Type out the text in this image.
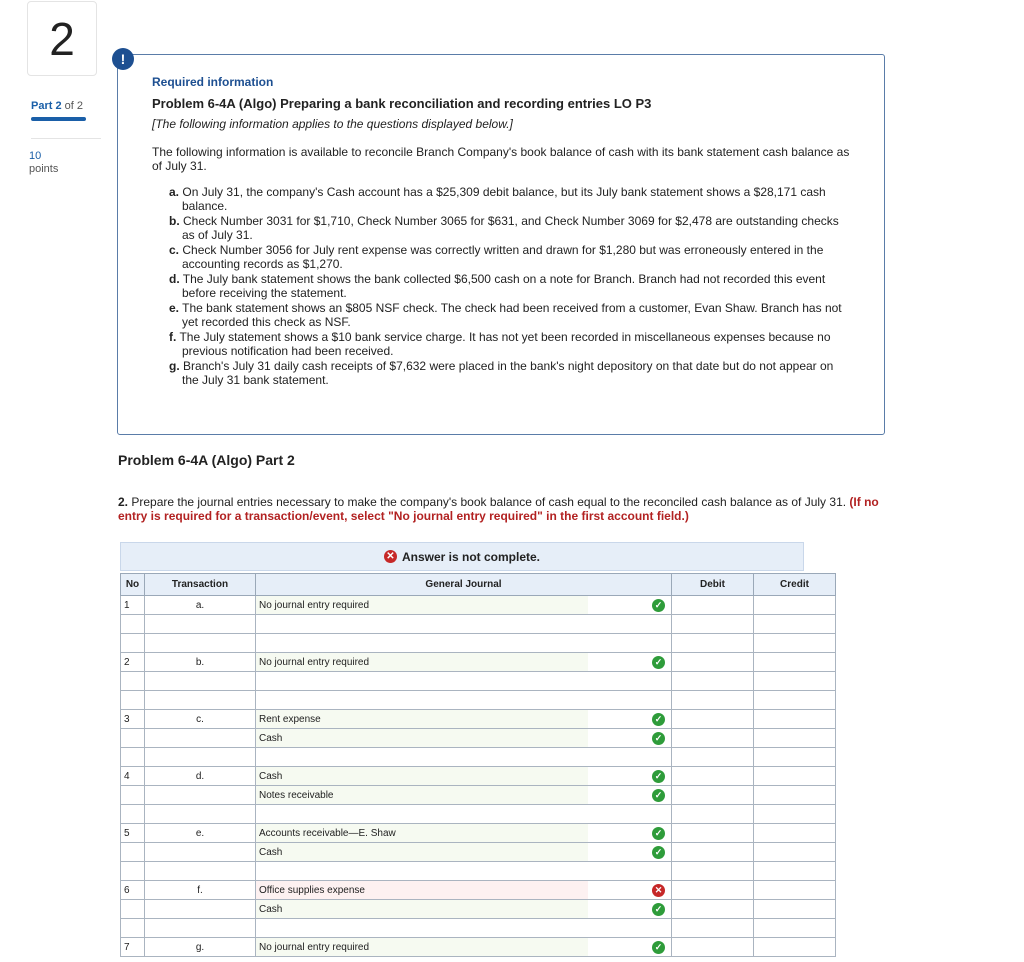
2
Part 2 of 2
10
points
Required information
Problem 6-4A (Algo) Preparing a bank reconciliation and recording entries LO P3
[The following information applies to the questions displayed below.]
The following information is available to reconcile Branch Company's book balance of cash with its bank statement cash balance as of July 31.
a. On July 31, the company's Cash account has a $25,309 debit balance, but its July bank statement shows a $28,171 cash balance.
b. Check Number 3031 for $1,710, Check Number 3065 for $631, and Check Number 3069 for $2,478 are outstanding checks as of July 31.
c. Check Number 3056 for July rent expense was correctly written and drawn for $1,280 but was erroneously entered in the accounting records as $1,270.
d. The July bank statement shows the bank collected $6,500 cash on a note for Branch. Branch had not recorded this event before receiving the statement.
e. The bank statement shows an $805 NSF check. The check had been received from a customer, Evan Shaw. Branch has not yet recorded this check as NSF.
f. The July statement shows a $10 bank service charge. It has not yet been recorded in miscellaneous expenses because no previous notification had been received.
g. Branch's July 31 daily cash receipts of $7,632 were placed in the bank's night depository on that date but do not appear on the July 31 bank statement.
!
Problem 6-4A (Algo) Part 2
2. Prepare the journal entries necessary to make the company's book balance of cash equal to the reconciled cash balance as of July 31. (If no entry is required for a transaction/event, select "No journal entry required" in the first account field.)
✕ Answer is not complete.
No	Transaction	General Journal		Debit	Credit
1	a.	No journal entry required	✓		

2	b.	No journal entry required	✓		

3	c.	Rent expense	✓		
		Cash	✓		

4	d.	Cash	✓		
		Notes receivable	✓		

5	e.	Accounts receivable—E. Shaw	✓		
		Cash	✓		

6	f.	Office supplies expense	✕		
		Cash	✓		

7	g.	No journal entry required	✓		
